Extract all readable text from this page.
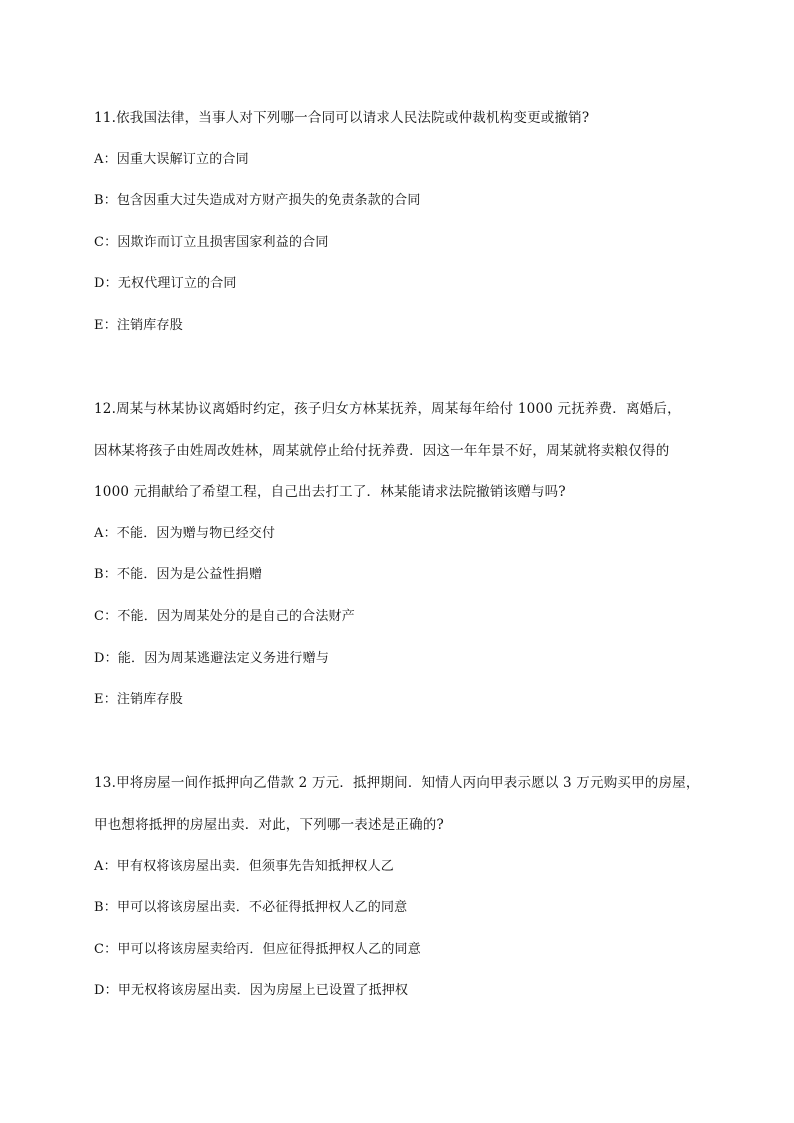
11.依我国法律，当事人对下列哪一合同可以请求人民法院或仲裁机构变更或撤销?
A：因重大误解订立的合同
B：包含因重大过失造成对方财产损失的免责条款的合同
C：因欺诈而订立且损害国家利益的合同
D：无权代理订立的合同
E：注销库存股
12.周某与林某协议离婚时约定，孩子归女方林某抚养，周某每年给付 1000 元抚养费．离婚后，
因林某将孩子由姓周改姓林，周某就停止给付抚养费．因这一年年景不好，周某就将卖粮仅得的
1000 元捐献给了希望工程，自己出去打工了．林某能请求法院撤销该赠与吗?
A：不能．因为赠与物已经交付
B：不能．因为是公益性捐赠
C：不能．因为周某处分的是自己的合法财产
D：能．因为周某逃避法定义务进行赠与
E：注销库存股
13.甲将房屋一间作抵押向乙借款 2 万元．抵押期间．知情人丙向甲表示愿以 3 万元购买甲的房屋，
甲也想将抵押的房屋出卖．对此，下列哪一表述是正确的?
A：甲有权将该房屋出卖．但须事先告知抵押权人乙
B：甲可以将该房屋出卖．不必征得抵押权人乙的同意
C：甲可以将该房屋卖给丙．但应征得抵押权人乙的同意
D：甲无权将该房屋出卖．因为房屋上已设置了抵押权
